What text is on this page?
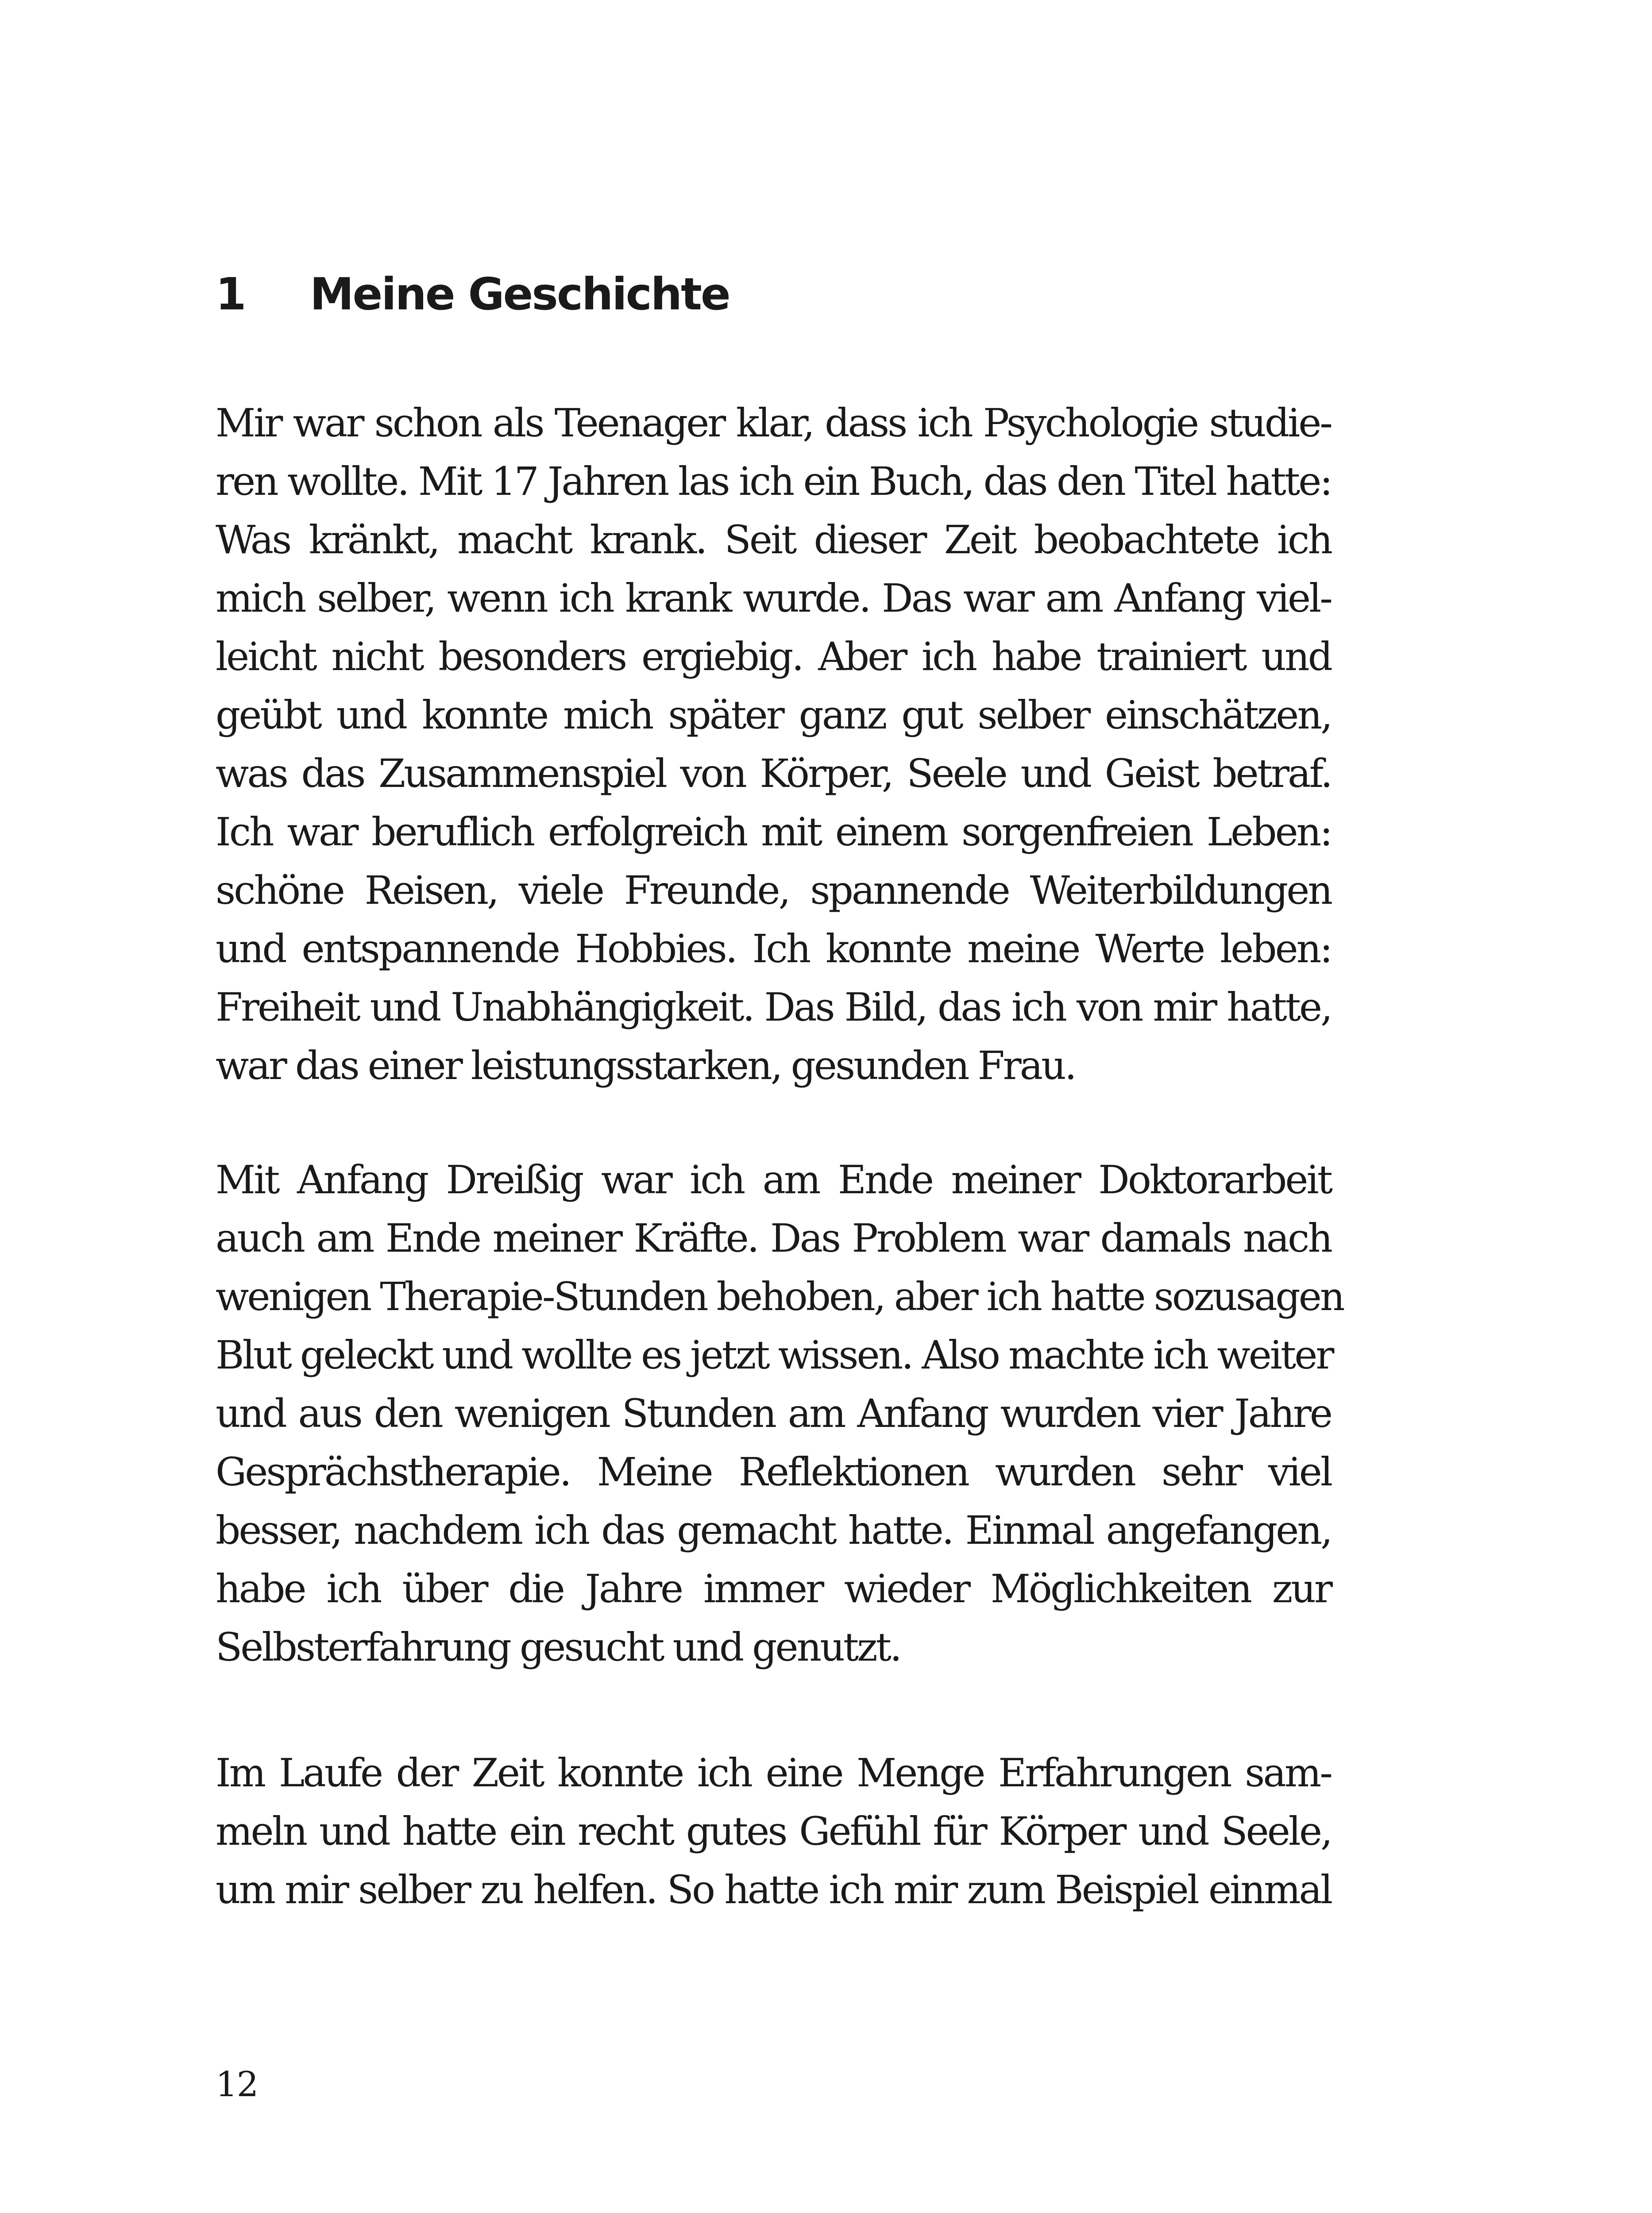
1 Meine Geschichte
Mir war schon als Teenager klar, dass ich Psychologie studie-
ren wollte. Mit 17 Jahren las ich ein Buch, das den Titel hatte:
Was kränkt, macht krank. Seit dieser Zeit beobachtete ich
mich selber, wenn ich krank wurde. Das war am Anfang viel-
leicht nicht besonders ergiebig. Aber ich habe trainiert und
geübt und konnte mich später ganz gut selber einschätzen,
was das Zusammenspiel von Körper, Seele und Geist betraf.
Ich war beruflich erfolgreich mit einem sorgenfreien Leben:
schöne Reisen, viele Freunde, spannende Weiterbildungen
und entspannende Hobbies. Ich konnte meine Werte leben:
Freiheit und Unabhängigkeit. Das Bild, das ich von mir hatte,
war das einer leistungsstarken, gesunden Frau.
Mit Anfang Dreißig war ich am Ende meiner Doktorarbeit
auch am Ende meiner Kräfte. Das Problem war damals nach
wenigen Therapie-Stunden behoben, aber ich hatte sozusagen
Blut geleckt und wollte es jetzt wissen. Also machte ich weiter
und aus den wenigen Stunden am Anfang wurden vier Jahre
Gesprächstherapie. Meine Reflektionen wurden sehr viel
besser, nachdem ich das gemacht hatte. Einmal angefangen,
habe ich über die Jahre immer wieder Möglichkeiten zur
Selbsterfahrung gesucht und genutzt.
Im Laufe der Zeit konnte ich eine Menge Erfahrungen sam-
meln und hatte ein recht gutes Gefühl für Körper und Seele,
um mir selber zu helfen. So hatte ich mir zum Beispiel einmal
12
